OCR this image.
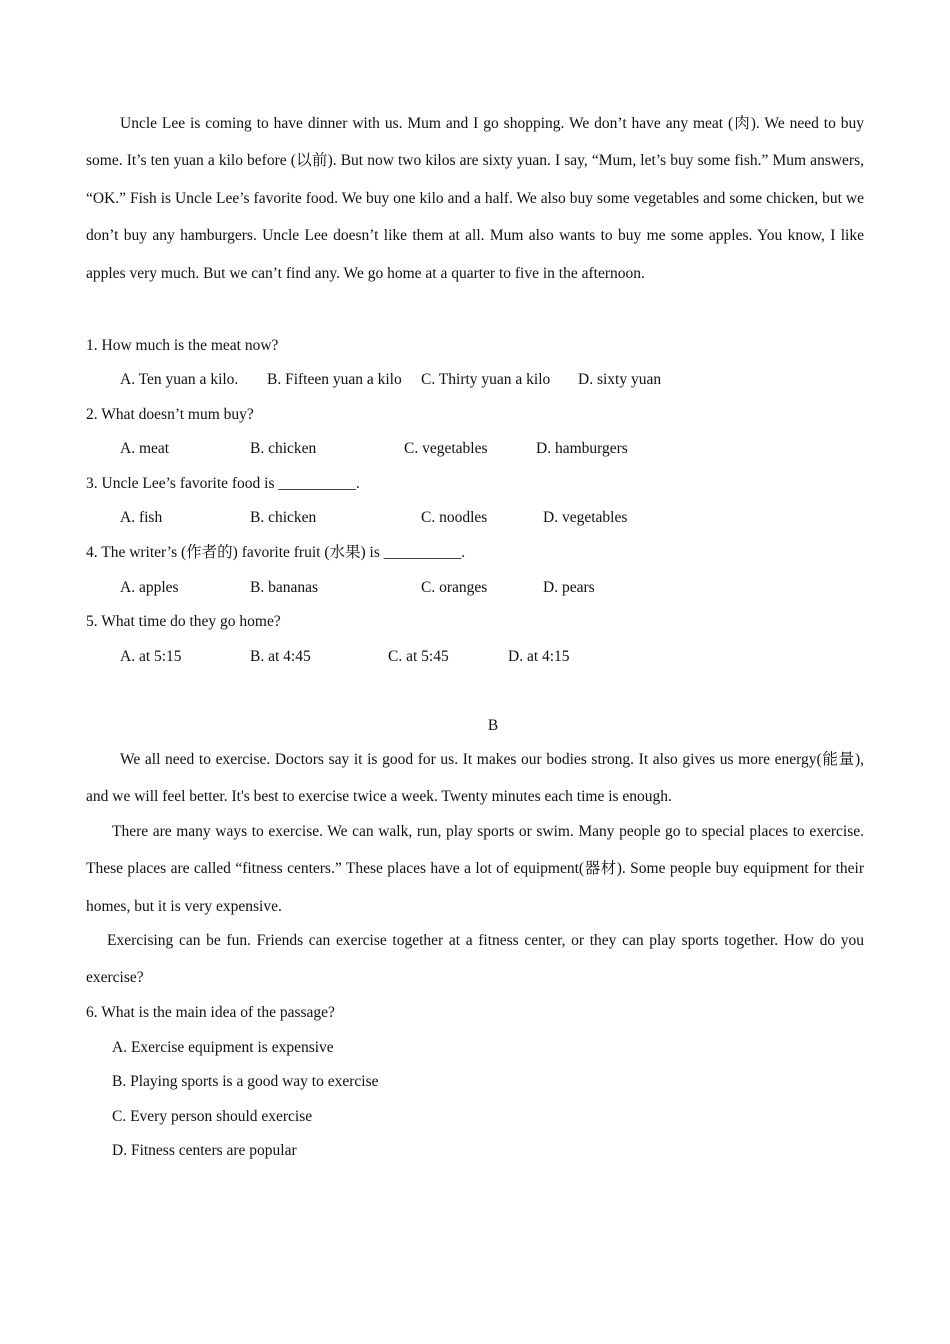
Uncle Lee is coming to have dinner with us. Mum and I go shopping. We don’t have any meat (肉). We need to buy some. It’s ten yuan a kilo before (以前). But now two kilos are sixty yuan. I say, “Mum, let’s buy some fish.” Mum answers, “OK.” Fish is Uncle Lee’s favorite food. We buy one kilo and a half. We also buy some vegetables and some chicken, but we don’t buy any hamburgers. Uncle Lee doesn’t like them at all. Mum also wants to buy me some apples. You know, I like apples very much. But we can’t find any. We go home at a quarter to five in the afternoon.

1. How much is the meat now?
A. Ten yuan a kilo. B. Fifteen yuan a kilo C. Thirty yuan a kilo D. sixty yuan
2. What doesn’t mum buy?
A. meat	B. chicken	C. vegetables	D. hamburgers
3. Uncle Lee’s favorite food is __________.
A. fish	B. chicken	C. noodles	D. vegetables
4. The writer’s (作者的) favorite fruit (水果) is __________.
A. apples	B. bananas	C. oranges	D. pears
5. What time do they go home?
A. at 5:15	B. at 4:45	C. at 5:45	D. at 4:15
B

We all need to exercise. Doctors say it is good for us. It makes our bodies strong. It also gives us more energy(能量), and we will feel better. It's best to exercise twice a week. Twenty minutes each time is enough.

There are many ways to exercise. We can walk, run, play sports or swim. Many people go to special places to exercise. These places are called “fitness centers.” These places have a lot of equipment(器材). Some people buy equipment for their homes, but it is very expensive.

Exercising can be fun. Friends can exercise together at a fitness center, or they can play sports together. How do you exercise?

6. What is the main idea of the passage?
A. Exercise equipment is expensive
B. Playing sports is a good way to exercise
C. Every person should exercise
D. Fitness centers are popular
